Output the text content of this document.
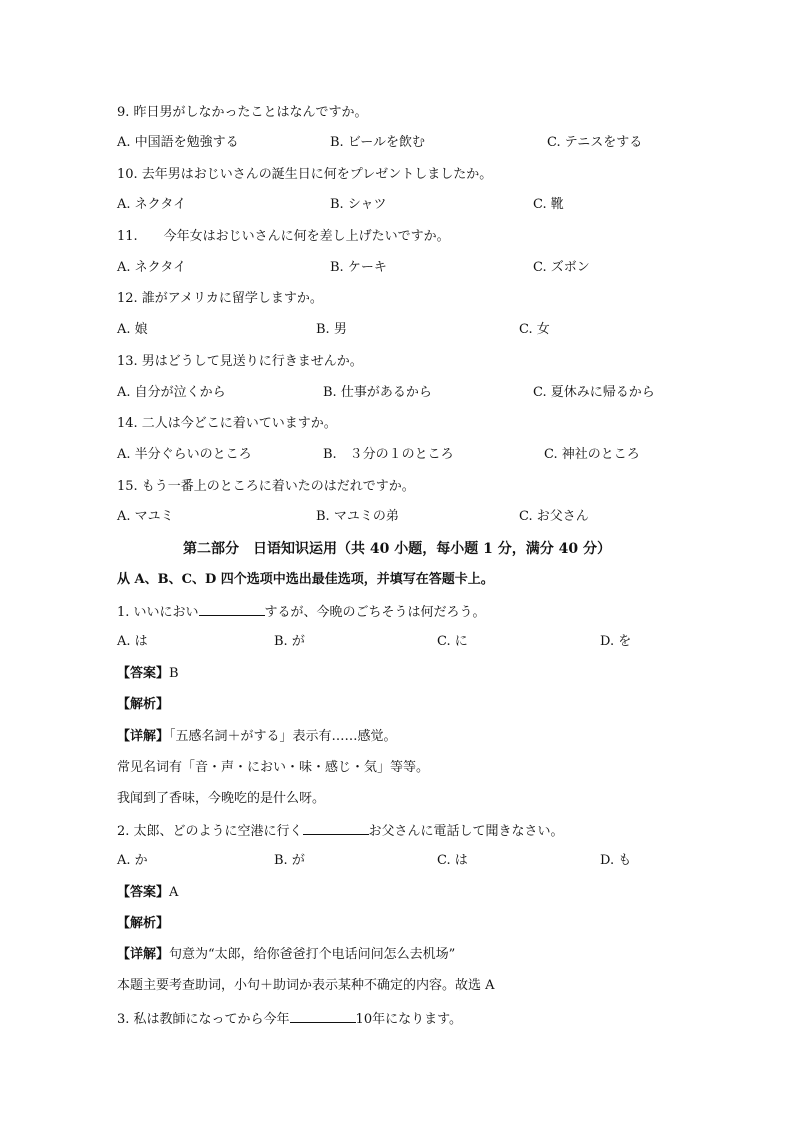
9. 昨日男がしなかったことはなんですか。
A. 中国語を勉強する	B. ビールを飲む	C. テニスをする
10. 去年男はおじいさんの誕生日に何をプレゼントしましたか。
A. ネクタイ	B. シャツ	C. 靴
11.　　今年女はおじいさんに何を差し上げたいですか。
A. ネクタイ	B. ケーキ	C. ズボン
12. 誰がアメリカに留学しますか。
A. 娘	B. 男	C. 女
13. 男はどうして見送りに行きませんか。
A. 自分が泣くから	B. 仕事があるから	C. 夏休みに帰るから
14. 二人は今どこに着いていますか。
A. 半分ぐらいのところ	B.　３分の１のところ	C. 神社のところ
15. もう一番上のところに着いたのはだれですか。
A. マユミ	B. マユミの弟	C. お父さん
第二部分　日语知识运用（共 40 小题，每小题 1 分，满分 40 分）
从 A、B、C、D 四个选项中选出最佳选项，并填写在答题卡上。
1. いいにおい	するが、今晩のごちそうは何だろう。
A. は	B. が	C. に	D. を
【答案】B
【解析】
【详解】「五感名詞＋がする」表示有……感觉。
常见名词有「音・声・におい・味・感じ・気」等等。
我闻到了香味，今晚吃的是什么呀。
2. 太郎、どのように空港に行く	お父さんに電話して聞きなさい。
A. か	B. が	C. は	D. も
【答案】A
【解析】
【详解】句意为“太郎，给你爸爸打个电话问问怎么去机场”
本题主要考查助词，小句＋助词か表示某种不确定的内容。故选 A
3. 私は教師になってから今年	10年になります。
